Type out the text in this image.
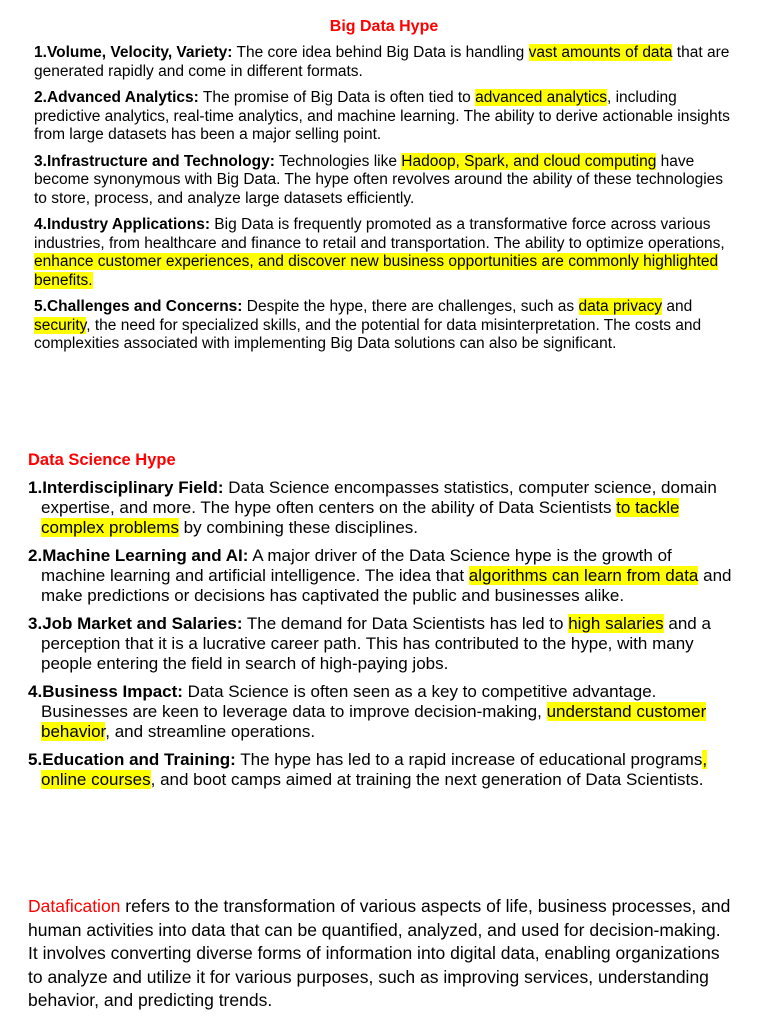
Big Data Hype
1.Volume, Velocity, Variety: The core idea behind Big Data is handling vast amounts of data that are generated rapidly and come in different formats.
2.Advanced Analytics: The promise of Big Data is often tied to advanced analytics, including predictive analytics, real-time analytics, and machine learning. The ability to derive actionable insights from large datasets has been a major selling point.
3.Infrastructure and Technology: Technologies like Hadoop, Spark, and cloud computing have become synonymous with Big Data. The hype often revolves around the ability of these technologies to store, process, and analyze large datasets efficiently.
4.Industry Applications: Big Data is frequently promoted as a transformative force across various industries, from healthcare and finance to retail and transportation. The ability to optimize operations, enhance customer experiences, and discover new business opportunities are commonly highlighted benefits.
5.Challenges and Concerns: Despite the hype, there are challenges, such as data privacy and security, the need for specialized skills, and the potential for data misinterpretation. The costs and complexities associated with implementing Big Data solutions can also be significant.
Data Science Hype
1.Interdisciplinary Field: Data Science encompasses statistics, computer science, domain expertise, and more. The hype often centers on the ability of Data Scientists to tackle complex problems by combining these disciplines.
2.Machine Learning and AI: A major driver of the Data Science hype is the growth of machine learning and artificial intelligence. The idea that algorithms can learn from data and make predictions or decisions has captivated the public and businesses alike.
3.Job Market and Salaries: The demand for Data Scientists has led to high salaries and a perception that it is a lucrative career path. This has contributed to the hype, with many people entering the field in search of high-paying jobs.
4.Business Impact: Data Science is often seen as a key to competitive advantage. Businesses are keen to leverage data to improve decision-making, understand customer behavior, and streamline operations.
5.Education and Training: The hype has led to a rapid increase of educational programs, online courses, and boot camps aimed at training the next generation of Data Scientists.
Datafication refers to the transformation of various aspects of life, business processes, and human activities into data that can be quantified, analyzed, and used for decision-making. It involves converting diverse forms of information into digital data, enabling organizations to analyze and utilize it for various purposes, such as improving services, understanding behavior, and predicting trends.
